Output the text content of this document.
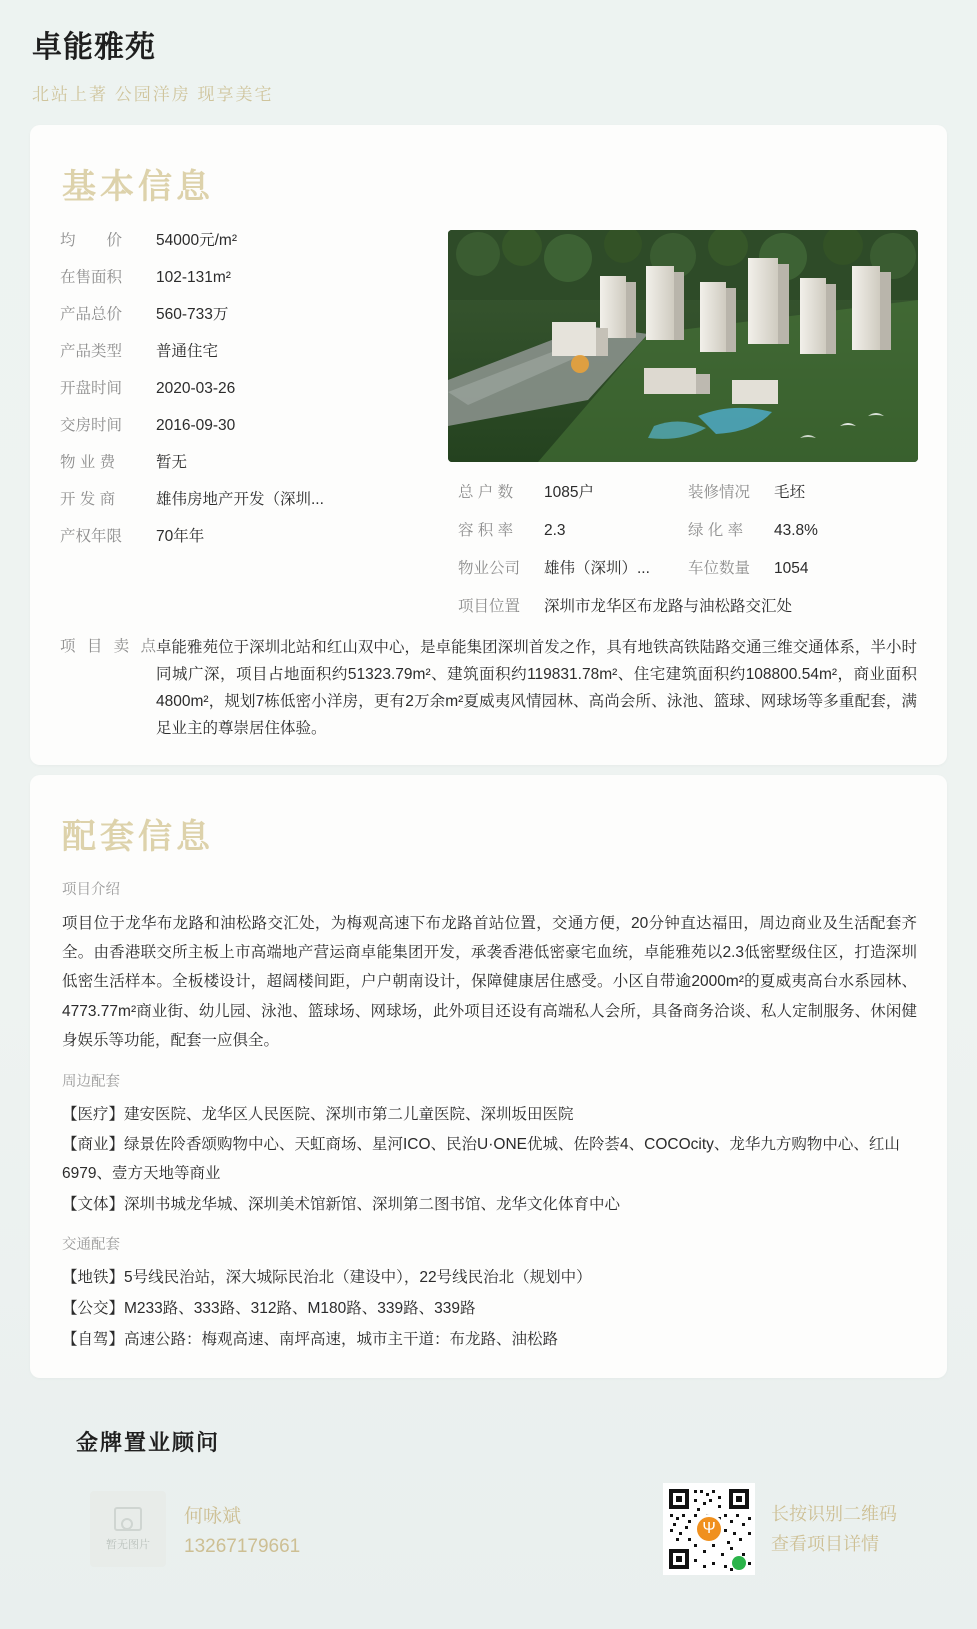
卓能雅苑
北站上著 公园洋房 现享美宅
基本信息
均　　价	54000元/m²
在售面积	102-131m²
产品总价	560-733万
产品类型	普通住宅
开盘时间	2020-03-26
交房时间	2016-09-30
物 业 费	暂无
开 发 商	雄伟房地产开发（深圳...
产权年限	70年年
总 户 数	1085户	装修情况	毛坯
容 积 率	2.3	绿 化 率	43.8%
物业公司	雄伟（深圳）... 车位数量	1054
项目位置	深圳市龙华区布龙路与油松路交汇处
项目卖点 卓能雅苑位于深圳北站和红山双中心，是卓能集团深圳首发之作，具有地铁高铁陆路交通三维交通体系，半小时同城广深，项目占地面积约51323.79m²、建筑面积约119831.78m²、住宅建筑面积约108800.54m²，商业面积4800m²，规划7栋低密小洋房，更有2万余m²夏威夷风情园林、高尚会所、泳池、篮球、网球场等多重配套，满足业主的尊崇居住体验。
配套信息
项目介绍

项目位于龙华布龙路和油松路交汇处，为梅观高速下布龙路首站位置，交通方便，20分钟直达福田，周边商业及生活配套齐全。由香港联交所主板上市高端地产营运商卓能集团开发，承袭香港低密豪宅血统，卓能雅苑以2.3低密墅级住区，打造深圳低密生活样本。全板楼设计，超阔楼间距，户户朝南设计，保障健康居住感受。小区自带逾2000m²的夏威夷高台水系园林、4773.77m²商业街、幼儿园、泳池、篮球场、网球场，此外项目还设有高端私人会所，具备商务洽谈、私人定制服务、休闲健身娱乐等功能，配套一应俱全。

周边配套
【医疗】建安医院、龙华区人民医院、深圳市第二儿童医院、深圳坂田医院
【商业】绿景佐阾香颂购物中心、天虹商场、星河ICO、民治U·ONE优城、佐阾荟4、COCOcity、龙华九方购物中心、红山6979、壹方天地等商业
【文体】深圳书城龙华城、深圳美术馆新馆、深圳第二图书馆、龙华文化体育中心
交通配套
【地铁】5号线民治站，深大城际民治北（建设中），22号线民治北（规划中）
【公交】M233路、333路、312路、M180路、339路、339路
【自驾】高速公路：梅观高速、南坪高速，城市主干道：布龙路、油松路
金牌置业顾问
暂无图片
何咏斌
13267179661
Ψ
长按识别二维码
查看项目详情
